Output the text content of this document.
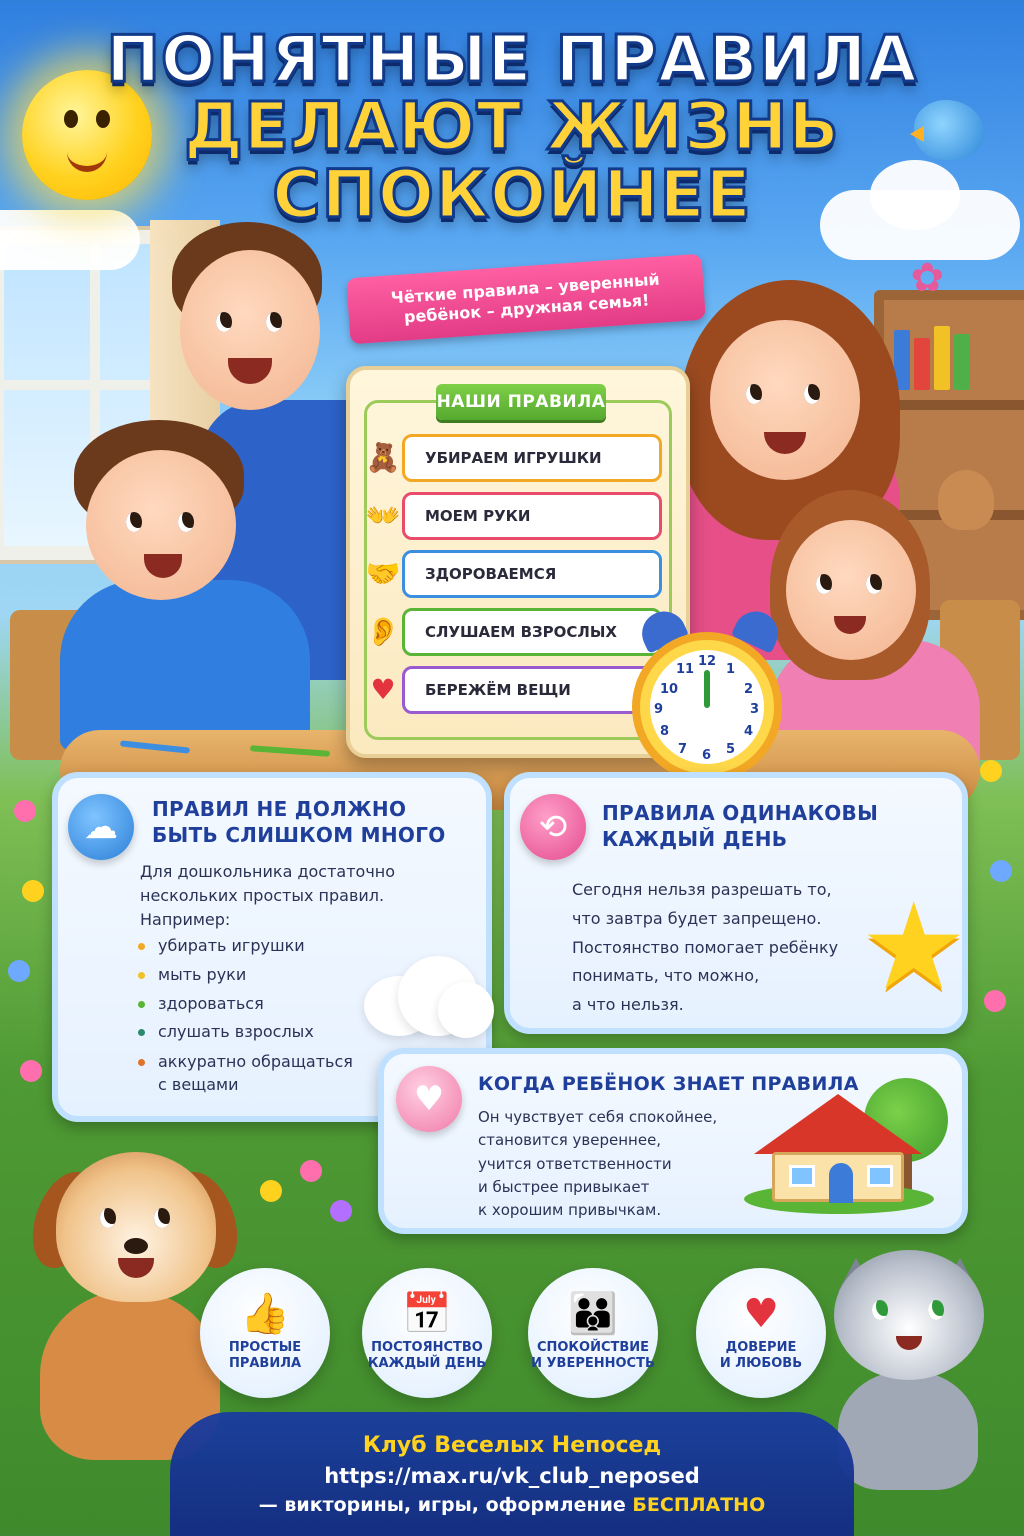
✿
ПОНЯТНЫЕ ПРАВИЛА
ДЕЛАЮТ ЖИЗНЬ
СПОКОЙНЕЕ
Чёткие правила – уверенный ребёнок – дружная семья!
НАШИ ПРАВИЛА
🧸	УБИРАЕМ ИГРУШКИ
👐	МОЕМ РУКИ
🤝	ЗДОРОВАЕМСЯ
👂	СЛУШАЕМ ВЗРОСЛЫХ
♥	БЕРЕЖЁМ ВЕЩИ
12
1
2
3
4
5
6
7
8
9
10
11
☁	ПРАВИЛ НЕ ДОЛЖНО
БЫТЬ СЛИШКОМ МНОГО
Для дошкольника достаточно
нескольких простых правил.
Например:
убирать игрушки
мыть руки
здороваться
слушать взрослых
аккуратно обращаться
с вещами
⟲	ПРАВИЛА ОДИНАКОВЫ
КАЖДЫЙ ДЕНЬ
Сегодня нельзя разрешать то,
что завтра будет запрещено.
Постоянство помогает ребёнку
понимать, что можно,
а что нельзя.	★
♥	КОГДА РЕБЁНОК ЗНАЕТ ПРАВИЛА
Он чувствует себя спокойнее,
становится увереннее,
учится ответственности
и быстрее привыкает
к хорошим привычкам.
👍
ПРОСТЫЕ
ПРАВИЛА
📅
ПОСТОЯНСТВО
КАЖДЫЙ ДЕНЬ
👪
СПОКОЙСТВИЕ
И УВЕРЕННОСТЬ
♥
ДОВЕРИЕ
И ЛЮБОВЬ
Клуб Веселых Непосед
https://max.ru/vk_club_neposed
— викторины, игры, оформление БЕСПЛАТНО
